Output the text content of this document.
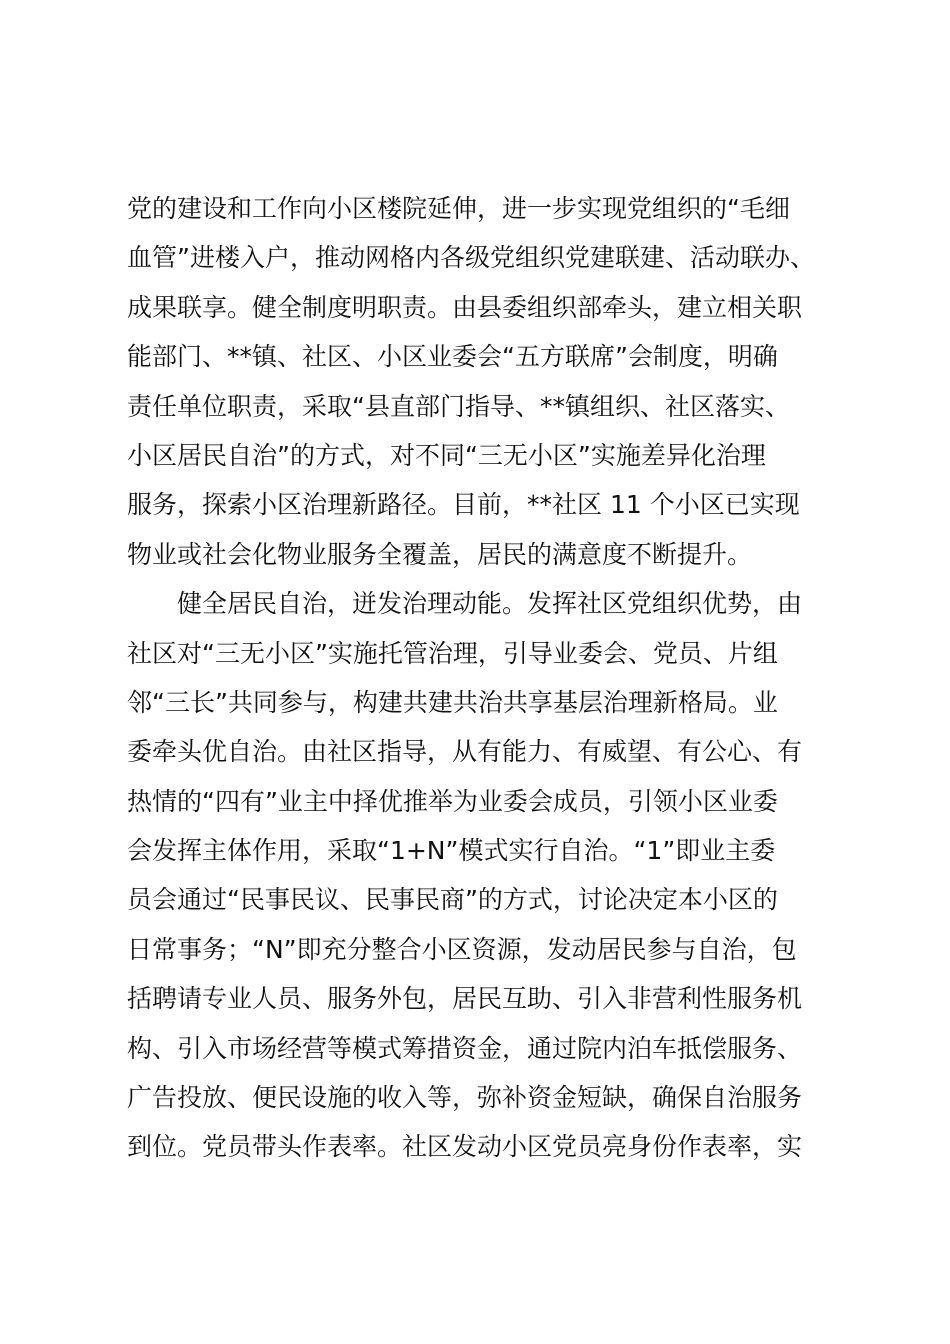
党的建设和工作向小区楼院延伸，进一步实现党组织的“毛细
血管”进楼入户，推动网格内各级党组织党建联建、活动联办、
成果联享。健全制度明职责。由县委组织部牵头，建立相关职
能部门、**镇、社区、小区业委会“五方联席”会制度，明确
责任单位职责，采取“县直部门指导、**镇组织、社区落实、
小区居民自治”的方式，对不同“三无小区”实施差异化治理
服务，探索小区治理新路径。目前，**社区 11 个小区已实现
物业或社会化物业服务全覆盖，居民的满意度不断提升。
健全居民自治，迸发治理动能。发挥社区党组织优势，由
社区对“三无小区”实施托管治理，引导业委会、党员、片组
邻“三长”共同参与，构建共建共治共享基层治理新格局。业
委牵头优自治。由社区指导，从有能力、有威望、有公心、有
热情的“四有”业主中择优推举为业委会成员，引领小区业委
会发挥主体作用，采取“1+N”模式实行自治。“1”即业主委
员会通过“民事民议、民事民商”的方式，讨论决定本小区的
日常事务；“N”即充分整合小区资源，发动居民参与自治，包
括聘请专业人员、服务外包，居民互助、引入非营利性服务机
构、引入市场经营等模式筹措资金，通过院内泊车抵偿服务、
广告投放、便民设施的收入等，弥补资金短缺，确保自治服务
到位。党员带头作表率。社区发动小区党员亮身份作表率，实
